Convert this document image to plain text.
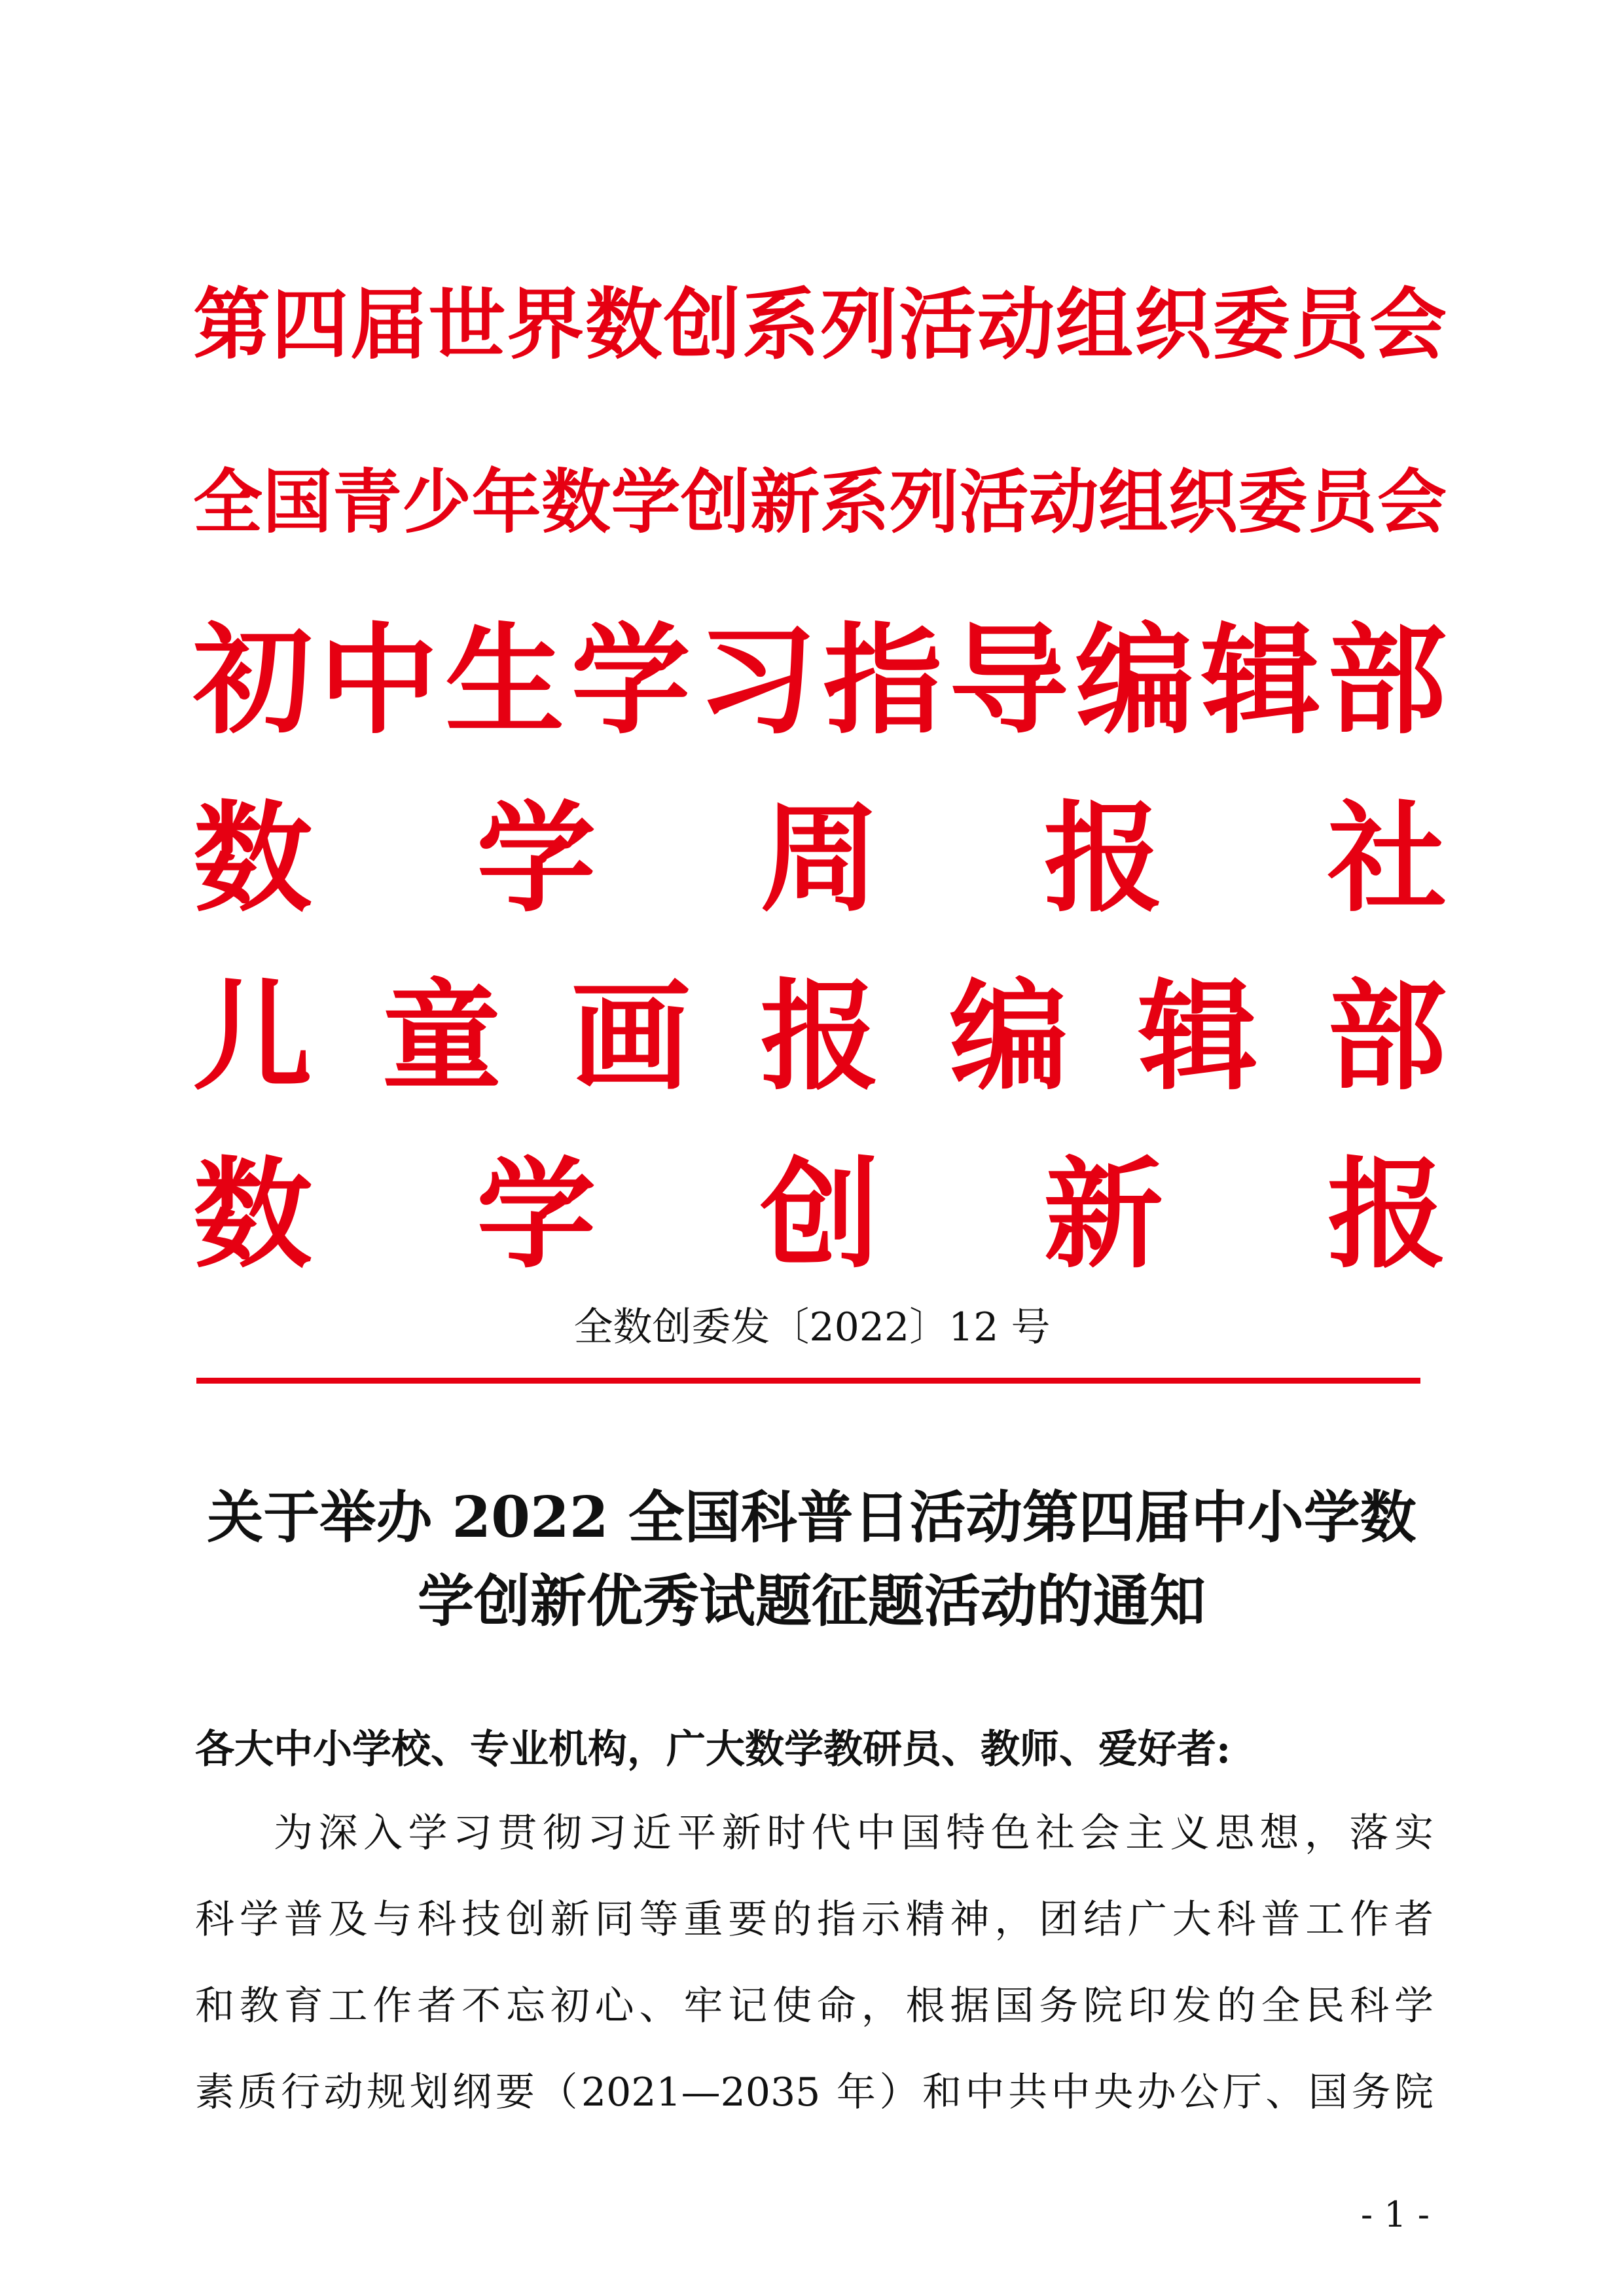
第四届世界数创系列活动组织委员会
全国青少年数学创新系列活动组织委员会
初 中 生 学 习 指 导 编 辑 部
数 学 周 报 社
儿 童 画 报 编 辑 部
数 学 创 新 报
全数创委发〔2022〕12 号
关于举办 2022 全国科普日活动第四届中小学数
学创新优秀试题征题活动的通知
各大中小学校、专业机构，广大数学教研员、教师、爱好者:
为深入学习贯彻习近平新时代中国特色社会主义思想，落实
科学普及与科技创新同等重要的指示精神，团结广大科普工作者
和教育工作者不忘初心、牢记使命，根据国务院印发的全民科学
素质行动规划纲要（2021—2035 年）和中共中央办公厅、国务院
- 1 -
